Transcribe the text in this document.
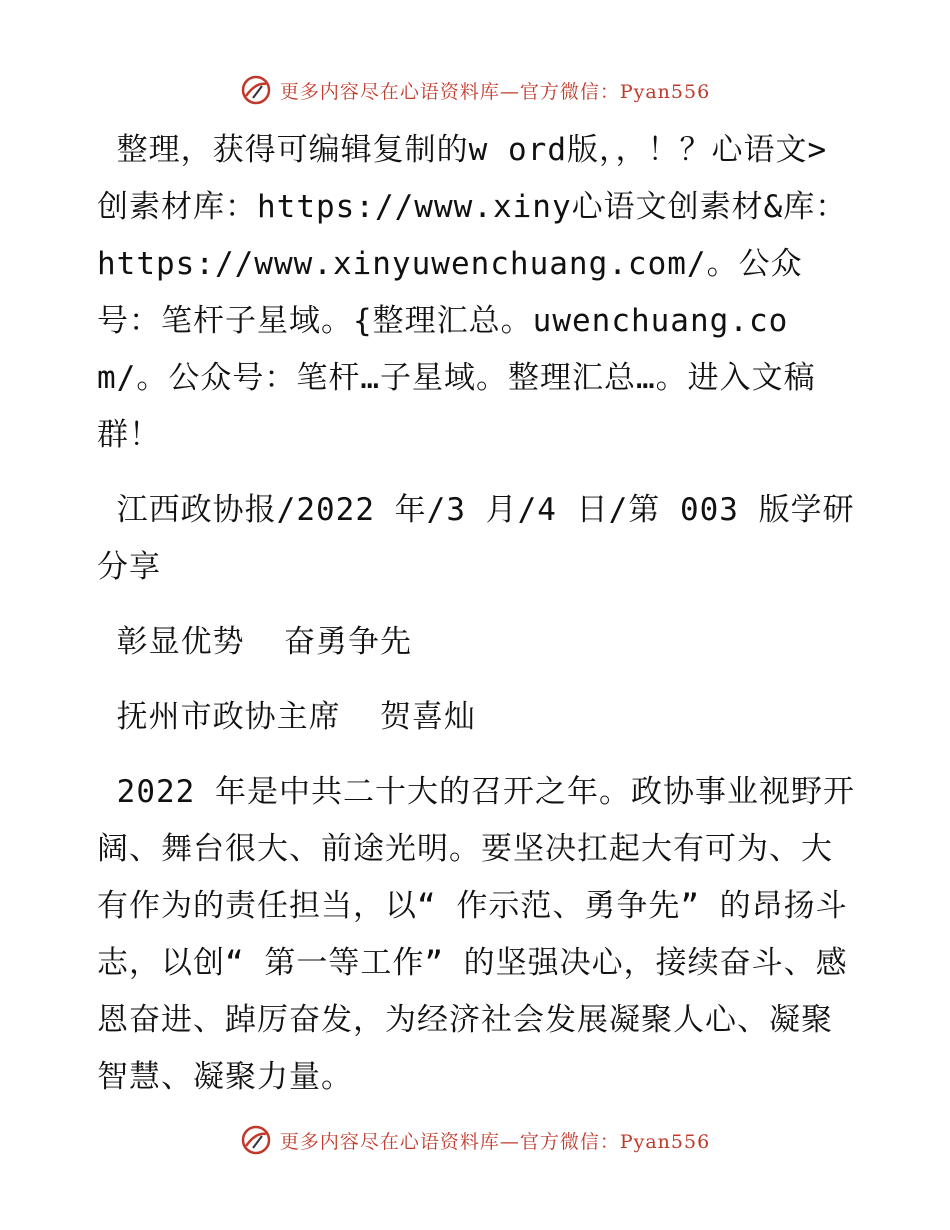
更多内容尽在心语资料库—官方微信：Pyan556

整理，获得可编辑复制的w ord版，，！？心语文>创素材库：https://www.xiny心语文创素材&库：https://www.xinyuwenchuang.com/。公众号：笔杆子星域。{整理汇总。uwenchuang.com/。公众号：笔杆…子星域。整理汇总…。进入文稿群！

江西政协报/2022 年/3 月/4 日/第 003 版学研分享

彰显优势  奋勇争先

抚州市政协主席  贺喜灿

2022 年是中共二十大的召开之年。政协事业视野开阔、舞台很大、前途光明。要坚决扛起大有可为、大有作为的责任担当，以“ 作示范、勇争先” 的昂扬斗志，以创“ 第一等工作” 的坚强决心，接续奋斗、感恩奋进、踔厉奋发，为经济社会发展凝聚人心、凝聚智慧、凝聚力量。

更多内容尽在心语资料库—官方微信：Pyan556
